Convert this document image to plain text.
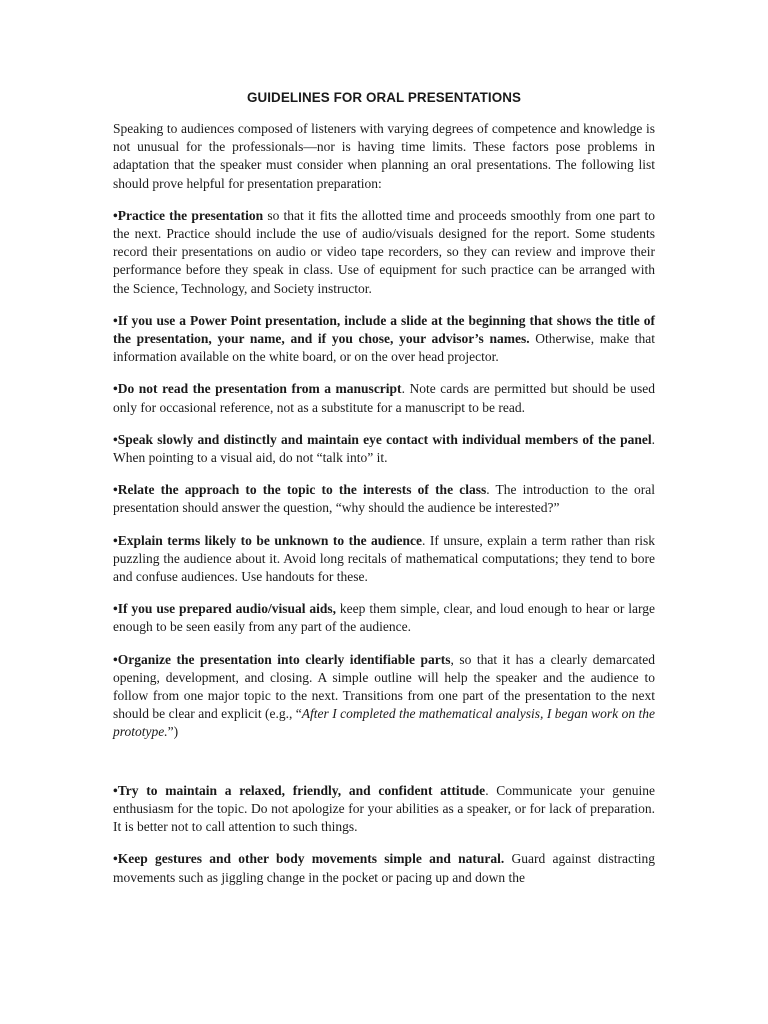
GUIDELINES FOR ORAL PRESENTATIONS

Speaking to audiences composed of listeners with varying degrees of competence and knowledge is not unusual for the professionals—nor is having time limits. These factors pose problems in adaptation that the speaker must consider when planning an oral presentations. The following list should prove helpful for presentation preparation:

•Practice the presentation so that it fits the allotted time and proceeds smoothly from one part to the next. Practice should include the use of audio/visuals designed for the report. Some students record their presentations on audio or video tape recorders, so they can review and improve their performance before they speak in class. Use of equipment for such practice can be arranged with the Science, Technology, and Society instructor.

•If you use a Power Point presentation, include a slide at the beginning that shows the title of the presentation, your name, and if you chose, your advisor’s names. Otherwise, make that information available on the white board, or on the over head projector.

•Do not read the presentation from a manuscript. Note cards are permitted but should be used only for occasional reference, not as a substitute for a manuscript to be read.

•Speak slowly and distinctly and maintain eye contact with individual members of the panel. When pointing to a visual aid, do not “talk into” it.

•Relate the approach to the topic to the interests of the class. The introduction to the oral presentation should answer the question, “why should the audience be interested?”

•Explain terms likely to be unknown to the audience. If unsure, explain a term rather than risk puzzling the audience about it. Avoid long recitals of mathematical computations; they tend to bore and confuse audiences. Use handouts for these.

•If you use prepared audio/visual aids, keep them simple, clear, and loud enough to hear or large enough to be seen easily from any part of the audience.

•Organize the presentation into clearly identifiable parts, so that it has a clearly demarcated opening, development, and closing. A simple outline will help the speaker and the audience to follow from one major topic to the next. Transitions from one part of the presentation to the next should be clear and explicit (e.g., “After I completed the mathematical analysis, I began work on the prototype.”)

•Try to maintain a relaxed, friendly, and confident attitude. Communicate your genuine enthusiasm for the topic. Do not apologize for your abilities as a speaker, or for lack of preparation. It is better not to call attention to such things.

•Keep gestures and other body movements simple and natural. Guard against distracting movements such as jiggling change in the pocket or pacing up and down the
